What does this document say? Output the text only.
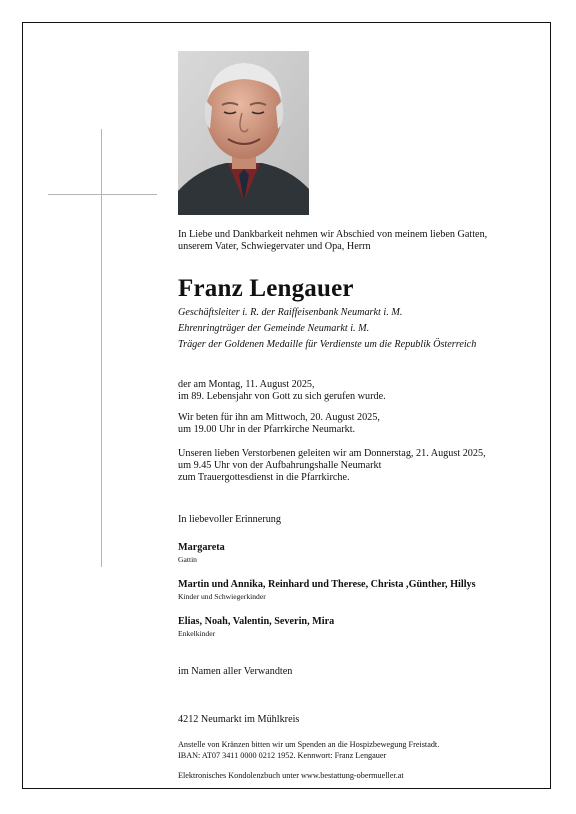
In Liebe und Dankbarkeit nehmen wir Abschied von meinem lieben Gatten,
unserem Vater, Schwiegervater und Opa, Herrn
Franz Lengauer
Geschäftsleiter i. R. der Raiffeisenbank Neumarkt i. M.
Ehrenringträger der Gemeinde Neumarkt i. M.
Träger der Goldenen Medaille für Verdienste um die Republik Österreich
der am Montag, 11. August 2025,
im 89. Lebensjahr von Gott zu sich gerufen wurde.
Wir beten für ihn am Mittwoch, 20. August 2025,
um 19.00 Uhr in der Pfarrkirche Neumarkt.
Unseren lieben Verstorbenen geleiten wir am Donnerstag, 21. August 2025,
um 9.45 Uhr von der Aufbahrungshalle Neumarkt
zum Trauergottesdienst in die Pfarrkirche.
In liebevoller Erinnerung
Margareta
Gattin
Martin und Annika, Reinhard und Therese, Christa ,Günther, Hillys
Kinder und Schwiegerkinder
Elias, Noah, Valentin, Severin, Mira
Enkelkinder
im Namen aller Verwandten
4212 Neumarkt im Mühlkreis
Anstelle von Kränzen bitten wir um Spenden an die Hospizbewegung Freistadt.
IBAN: AT07 3411 0000 0212 1952. Kennwort: Franz Lengauer
Elektronisches Kondolenzbuch unter www.bestattung-obermueller.at
